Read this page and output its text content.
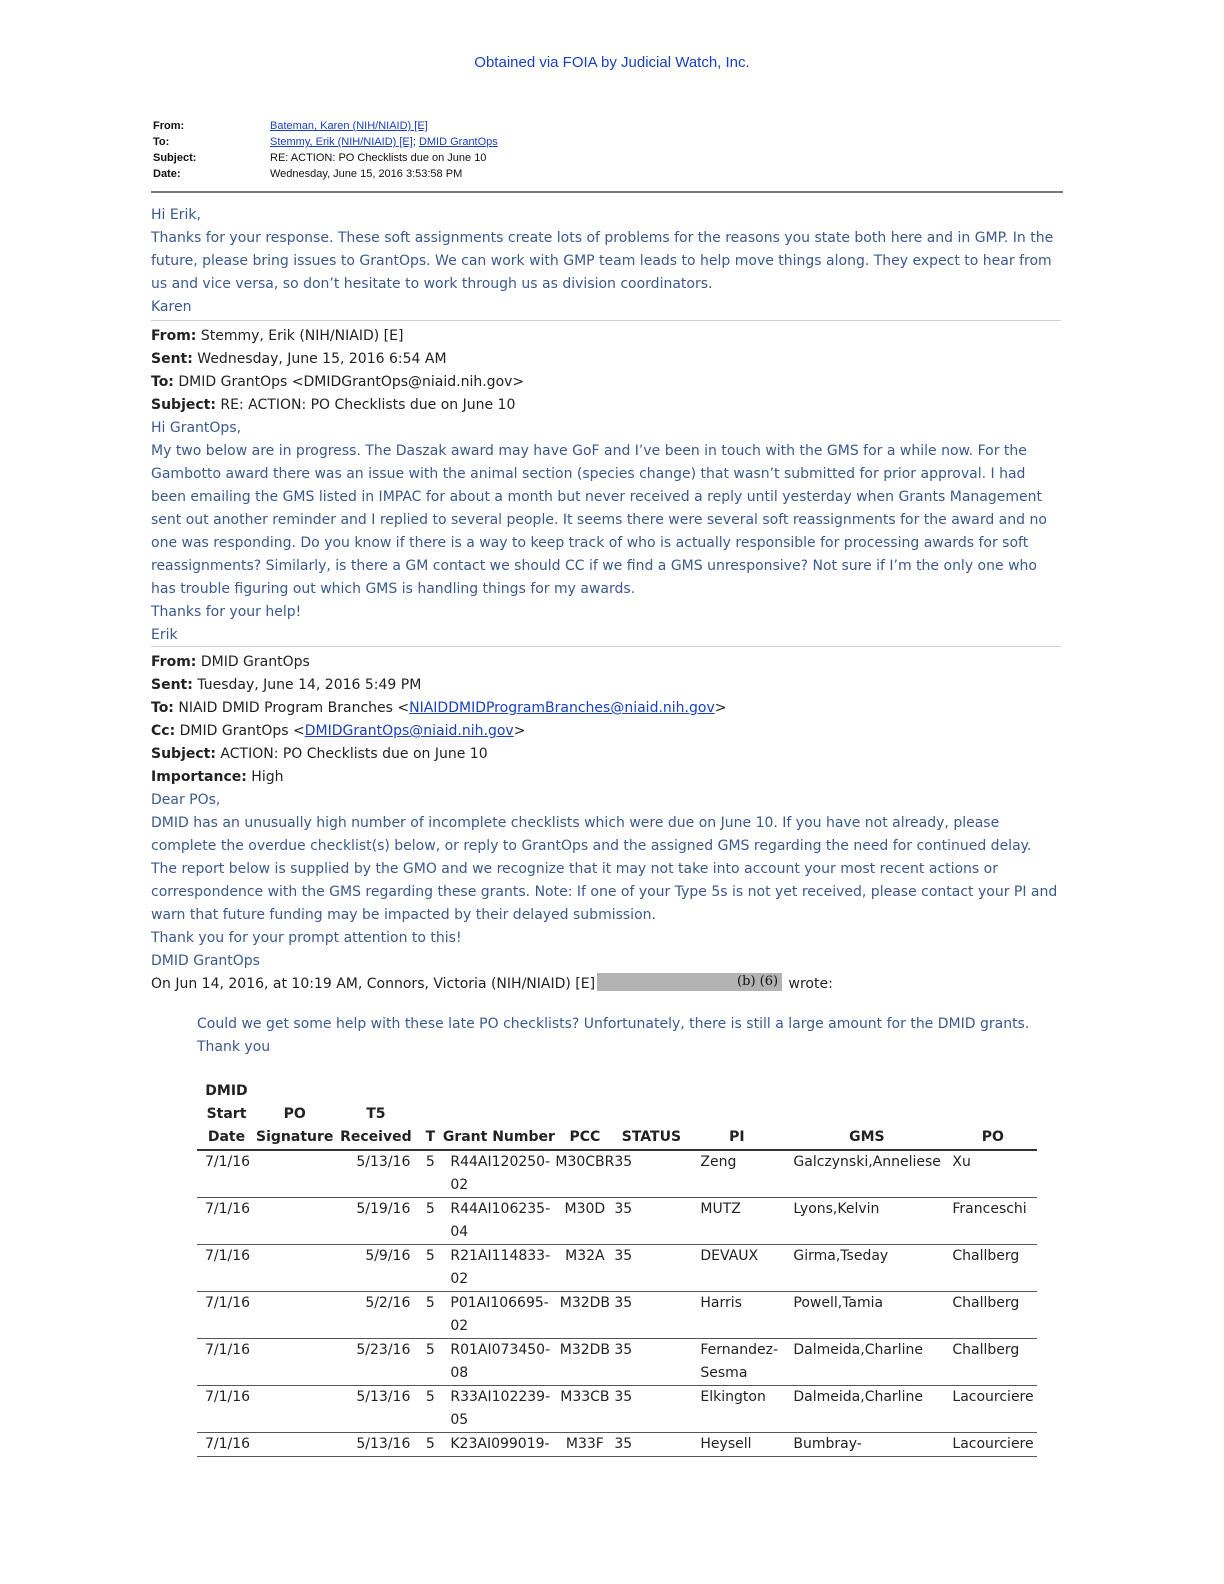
Obtained via FOIA by Judicial Watch, Inc.
From:	Bateman, Karen (NIH/NIAID) [E]
To:	Stemmy, Erik (NIH/NIAID) [E]; DMID GrantOps
Subject:	RE: ACTION: PO Checklists due on June 10
Date:	Wednesday, June 15, 2016 3:53:58 PM

Hi Erik,

Thanks for your response. These soft assignments create lots of problems for the reasons you state both here and in GMP. In the future, please bring issues to GrantOps. We can work with GMP team leads to help move things along. They expect to hear from us and vice versa, so don’t hesitate to work through us as division coordinators.

Karen

From: Stemmy, Erik (NIH/NIAID) [E]

Sent: Wednesday, June 15, 2016 6:54 AM

To: DMID GrantOps <DMIDGrantOps@niaid.nih.gov>

Subject: RE: ACTION: PO Checklists due on June 10

Hi GrantOps,

My two below are in progress. The Daszak award may have GoF and I’ve been in touch with the GMS for a while now. For the Gambotto award there was an issue with the animal section (species change) that wasn’t submitted for prior approval. I had been emailing the GMS listed in IMPAC for about a month but never received a reply until yesterday when Grants Management sent out another reminder and I replied to several people. It seems there were several soft reassignments for the award and no one was responding. Do you know if there is a way to keep track of who is actually responsible for processing awards for soft reassignments? Similarly, is there a GM contact we should CC if we find a GMS unresponsive? Not sure if I’m the only one who has trouble figuring out which GMS is handling things for my awards.

Thanks for your help!

Erik

From: DMID GrantOps

Sent: Tuesday, June 14, 2016 5:49 PM

To: NIAID DMID Program Branches <NIAIDDMIDProgramBranches@niaid.nih.gov>

Cc: DMID GrantOps <DMIDGrantOps@niaid.nih.gov>

Subject: ACTION: PO Checklists due on June 10

Importance: High

Dear POs,

DMID has an unusually high number of incomplete checklists which were due on June 10. If you have not already, please complete the overdue checklist(s) below, or reply to GrantOps and the assigned GMS regarding the need for continued delay.

The report below is supplied by the GMO and we recognize that it may not take into account your most recent actions or correspondence with the GMS regarding these grants. Note: If one of your Type 5s is not yet received, please contact your PI and warn that future funding may be impacted by their delayed submission.

Thank you for your prompt attention to this!

DMID GrantOps

On Jun 14, 2016, at 10:19 AM, Connors, Victoria (NIH/NIAID) [E]	(b) (6) wrote:

Could we get some help with these late PO checklists? Unfortunately, there is still a large amount for the DMID grants.

Thank you

DMID Start Date	PO Signature	T5 Received	T	Grant Number	PCC	STATUS	PI	GMS	PO
7/1/16		5/13/16	5	R44AI120250-02	M30CBR	35	Zeng	Galczynski,Anneliese	Xu
7/1/16		5/19/16	5	R44AI106235-04	M30D	35	MUTZ	Lyons,Kelvin	Franceschi
7/1/16		5/9/16	5	R21AI114833-02	M32A	35	DEVAUX	Girma,Tseday	Challberg
7/1/16		5/2/16	5	P01AI106695-02	M32DB	35	Harris	Powell,Tamia	Challberg
7/1/16		5/23/16	5	R01AI073450-08	M32DB	35	Fernandez-Sesma	Dalmeida,Charline	Challberg
7/1/16		5/13/16	5	R33AI102239-05	M33CB	35	Elkington	Dalmeida,Charline	Lacourciere
7/1/16		5/13/16	5	K23AI099019-	M33F	35	Heysell	Bumbray-	Lacourciere
